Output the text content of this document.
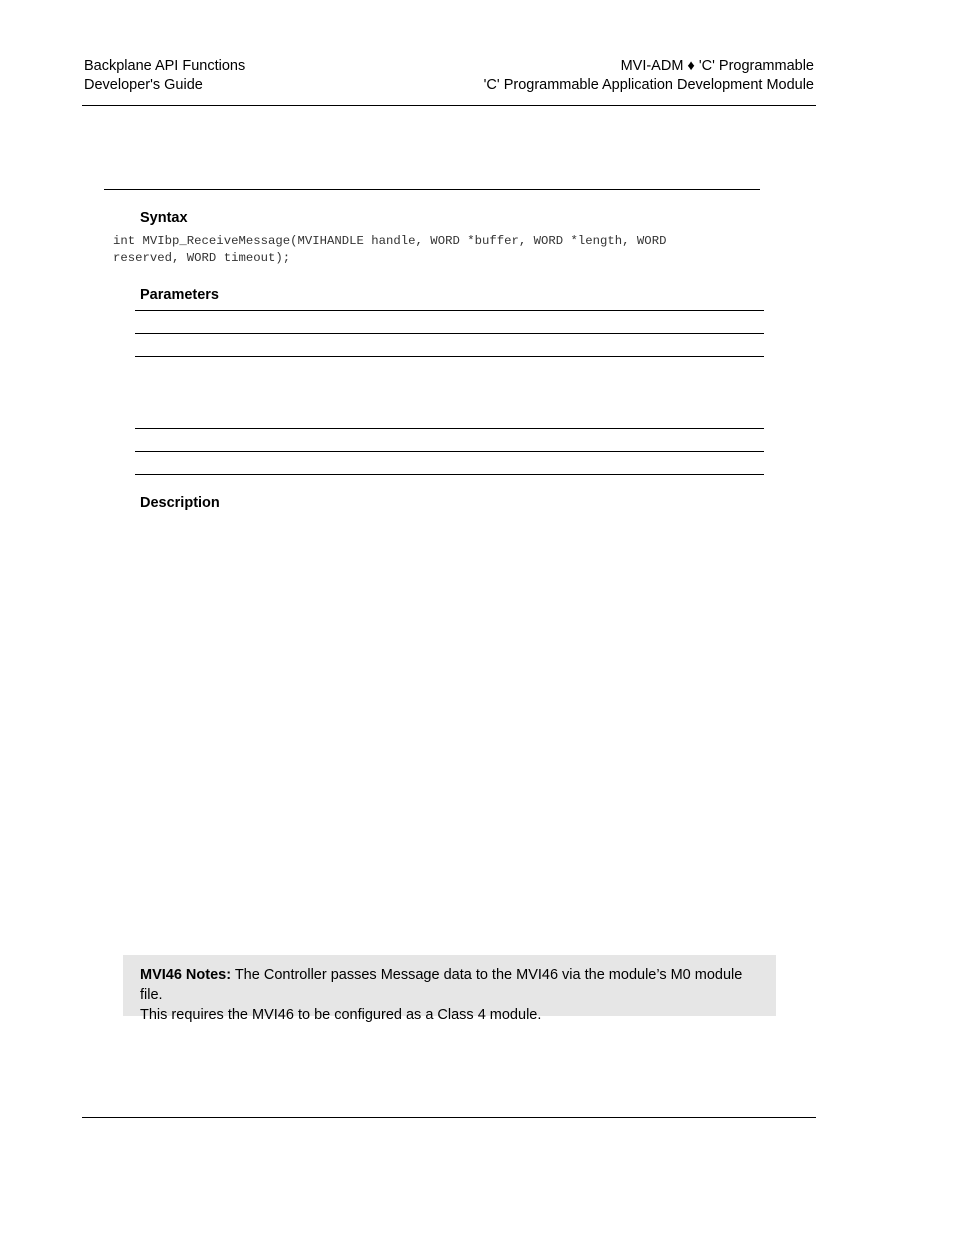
Backplane API Functions
Developer's Guide
MVI-ADM ♦ 'C' Programmable
'C' Programmable Application Development Module
Syntax
int MVIbp_ReceiveMessage(MVIHANDLE handle, WORD *buffer, WORD *length, WORD
reserved, WORD timeout);
Parameters
Description
MVI46 Notes: The Controller passes Message data to the MVI46 via the module’s M0 module file.
This requires the MVI46 to be configured as a Class 4 module.
